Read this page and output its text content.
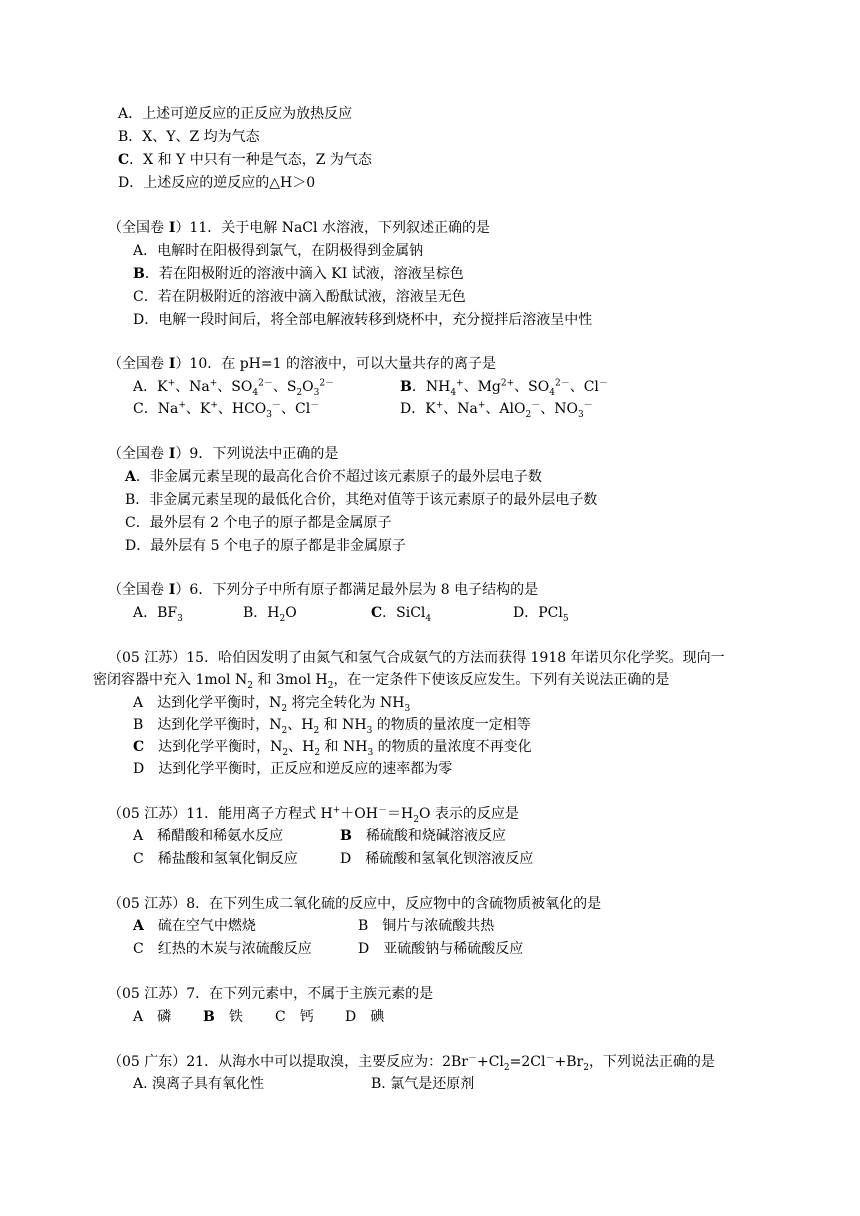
A．上述可逆反应的正反应为放热反应
B．X、Y、Z 均为气态
C．X 和 Y 中只有一种是气态，Z 为气态
D．上述反应的逆反应的△H＞0
（全国卷 I）11．关于电解 NaCl 水溶液，下列叙述正确的是
A．电解时在阳极得到氯气，在阴极得到金属钠
B．若在阳极附近的溶液中滴入 KI 试液，溶液呈棕色
C．若在阴极附近的溶液中滴入酚酞试液，溶液呈无色
D．电解一段时间后，将全部电解液转移到烧杯中，充分搅拌后溶液呈中性
（全国卷 I）10．在 pH=1 的溶液中，可以大量共存的离子是
A．K+、Na+、$SO_4^{2-}$、$S_2O_3^{2-}$	B．$NH_4^+$、$Mg^{2+}$、$SO_4^{2-}$、Cl－
C．Na+、K+、$HCO_3^-$、Cl－	D．K+、Na+、AlO$_2$－、$NO_3^-$
（全国卷 I）9．下列说法中正确的是
A．非金属元素呈现的最高化合价不超过该元素原子的最外层电子数
B．非金属元素呈现的最低化合价，其绝对值等于该元素原子的最外层电子数
C．最外层有 2 个电子的原子都是金属原子
D．最外层有 5 个电子的原子都是非金属原子
（全国卷 I）6．下列分子中所有原子都满足最外层为 8 电子结构的是
A．$BF_3$	B．$H_2O$	C．SiCl$_4$	D．PCl$_5$
（05 江苏）15．哈伯因发明了由氮气和氢气合成氨气的方法而获得 1918 年诺贝尔化学奖。现向一
密闭容器中充入 1mol $N_2$ 和 3mol $H_2$，在一定条件下使该反应发生。下列有关说法正确的是
A　达到化学平衡时，$N_2$ 将完全转化为 $NH_3$
B　达到化学平衡时，$N_2$、$H_2$ 和 $NH_3$ 的物质的量浓度一定相等
C　达到化学平衡时，$N_2$、$H_2$ 和 $NH_3$ 的物质的量浓度不再变化
D　达到化学平衡时，正反应和逆反应的速率都为零
（05 江苏）11．能用离子方程式 $H^++OH^-=H_2O$ 表示的反应是
A　稀醋酸和稀氨水反应	B　稀硫酸和烧碱溶液反应
C　稀盐酸和氢氧化铜反应	D　稀硫酸和氢氧化钡溶液反应
（05 江苏）8．在下列生成二氧化硫的反应中，反应物中的含硫物质被氧化的是
A　硫在空气中燃烧	B　铜片与浓硫酸共热
C　红热的木炭与浓硫酸反应	D　亚硫酸钠与稀硫酸反应
（05 江苏）7．在下列元素中，不属于主族元素的是
A　磷 B　铁 C　钙 D　碘
（05 广东）21．从海水中可以提取溴，主要反应为：$2Br^-+Cl_2=2Cl^-+Br_2$，下列说法正确的是
A. 溴离子具有氧化性	B. 氯气是还原剂
